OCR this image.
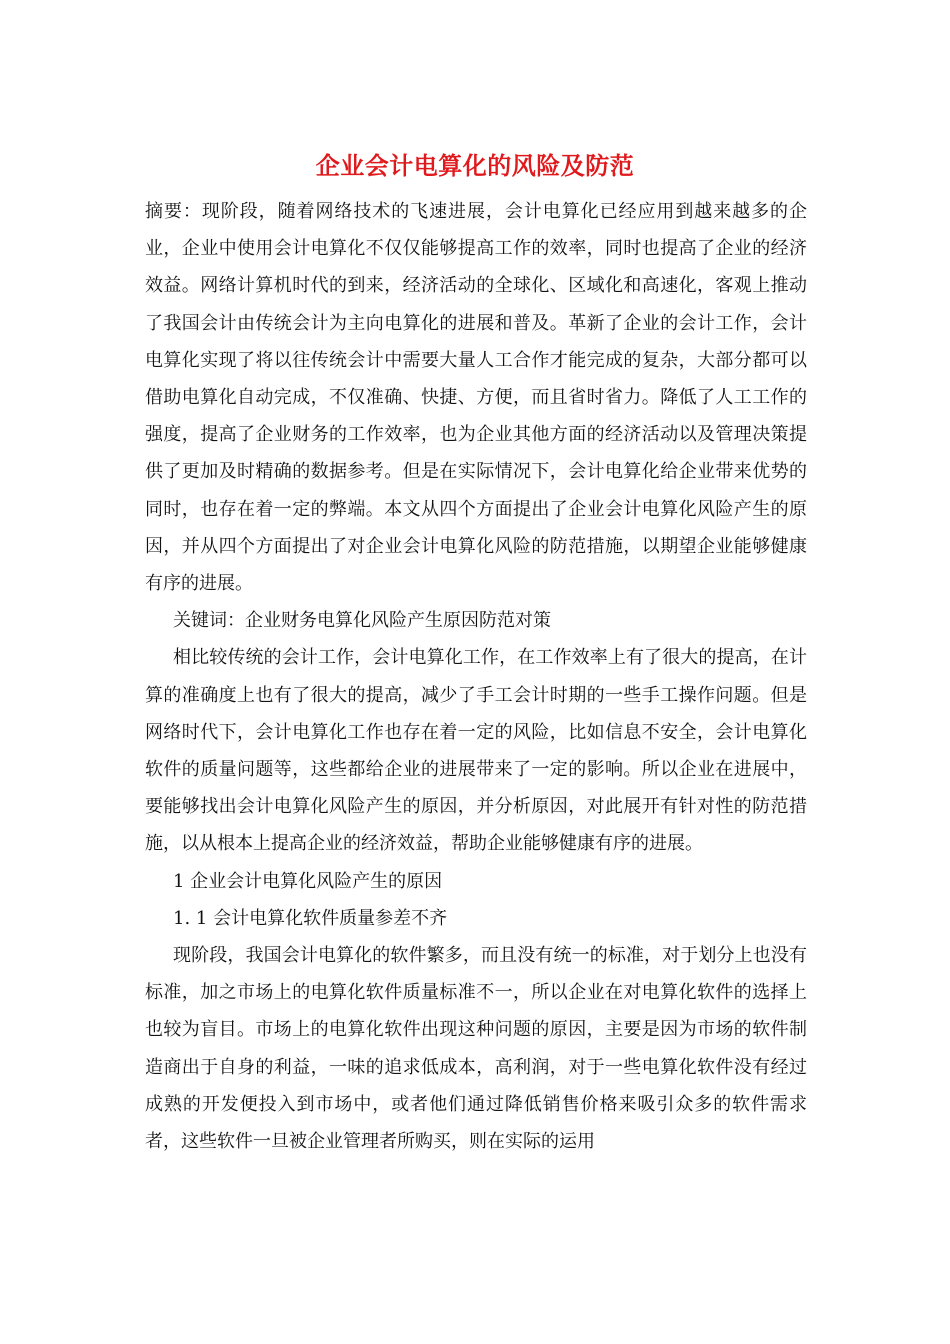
企业会计电算化的风险及防范

摘要：现阶段，随着网络技术的飞速进展，会计电算化已经应用到越来越多的企业，企业中使用会计电算化不仅仅能够提高工作的效率，同时也提高了企业的经济效益。网络计算机时代的到来，经济活动的全球化、区域化和高速化，客观上推动了我国会计由传统会计为主向电算化的进展和普及。革新了企业的会计工作，会计电算化实现了将以往传统会计中需要大量人工合作才能完成的复杂，大部分都可以借助电算化自动完成，不仅准确、快捷、方便，而且省时省力。降低了人工工作的强度，提高了企业财务的工作效率，也为企业其他方面的经济活动以及管理决策提供了更加及时精确的数据参考。但是在实际情况下，会计电算化给企业带来优势的同时，也存在着一定的弊端。本文从四个方面提出了企业会计电算化风险产生的原因，并从四个方面提出了对企业会计电算化风险的防范措施，以期望企业能够健康有序的进展。

关键词：企业财务电算化风险产生原因防范对策

相比较传统的会计工作，会计电算化工作，在工作效率上有了很大的提高，在计算的准确度上也有了很大的提高，减少了手工会计时期的一些手工操作问题。但是网络时代下，会计电算化工作也存在着一定的风险，比如信息不安全，会计电算化软件的质量问题等，这些都给企业的进展带来了一定的影响。所以企业在进展中，要能够找出会计电算化风险产生的原因，并分析原因，对此展开有针对性的防范措施，以从根本上提高企业的经济效益，帮助企业能够健康有序的进展。

1 企业会计电算化风险产生的原因

1. 1 会计电算化软件质量参差不齐

现阶段，我国会计电算化的软件繁多，而且没有统一的标准，对于划分上也没有标准，加之市场上的电算化软件质量标准不一，所以企业在对电算化软件的选择上也较为盲目。市场上的电算化软件出现这种问题的原因，主要是因为市场的软件制造商出于自身的利益，一味的追求低成本，高利润，对于一些电算化软件没有经过成熟的开发便投入到市场中，或者他们通过降低销售价格来吸引众多的软件需求者，这些软件一旦被企业管理者所购买，则在实际的运用
